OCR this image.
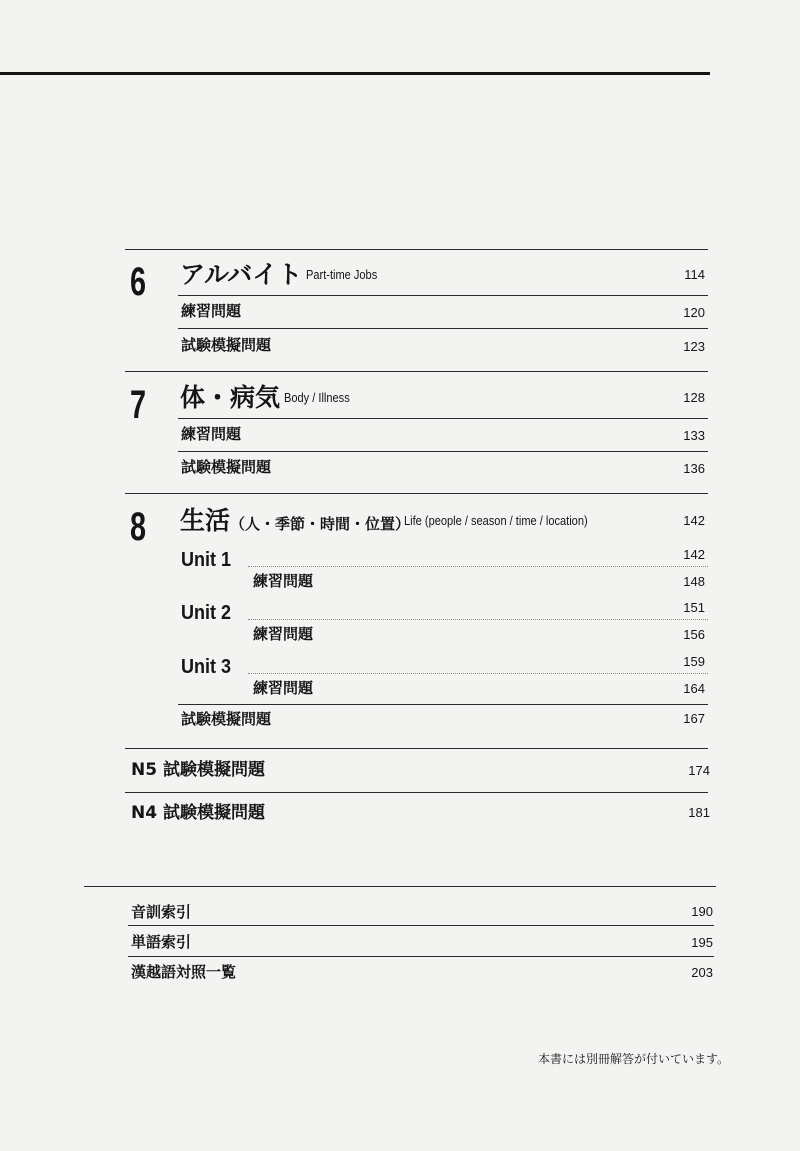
6 アルバイト Part-time Jobs	114
練習問題	120
試験模擬問題	123
7 体・病気 Body / Illness	128
練習問題	133
試験模擬問題	136
8 生活（人・季節・時間・位置）
Life (people / season / time / location)	142
Unit 1	142
練習問題	148
Unit 2	151
練習問題	156
Unit 3	159
練習問題	164
試験模擬問題	167
N5 試験模擬問題	174
N4 試験模擬問題	181
音訓索引	190
単語索引	195
漢越語対照一覧	203
本書には別冊解答が付いています。
